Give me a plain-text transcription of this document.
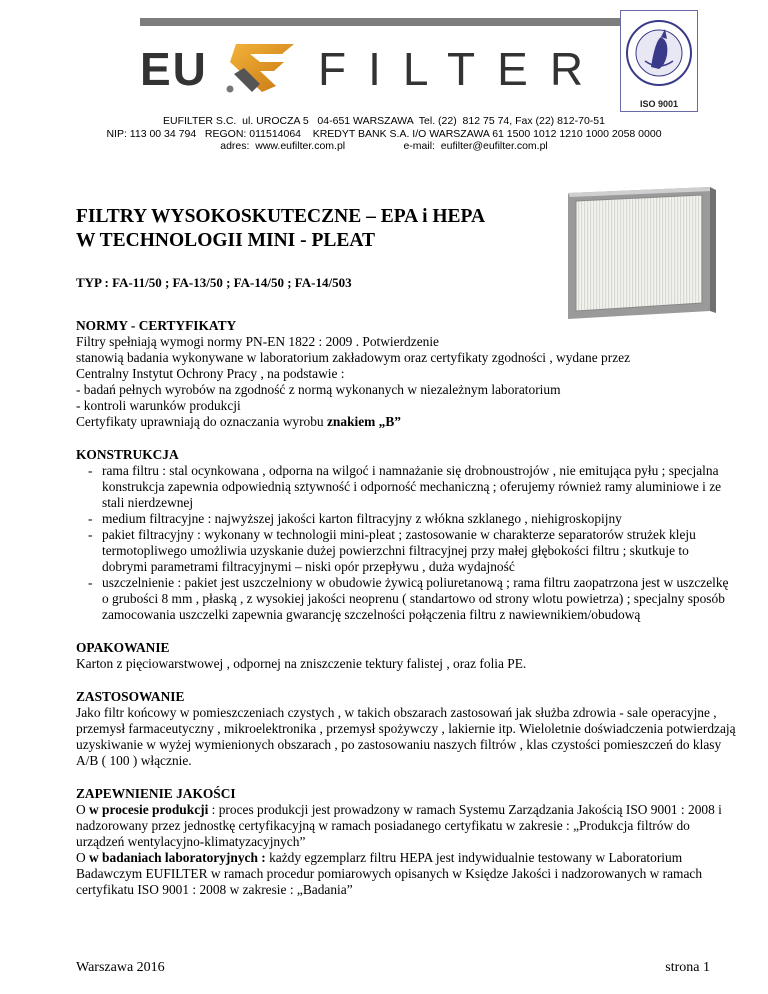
EU FILTER
ISO 9001
EUFILTER S.C.  ul. UROCZA 5   04-651 WARSZAWA  Tel. (22)  812 75 74, Fax (22) 812-70-51
NIP: 113 00 34 794   REGON: 011514064    KREDYT BANK S.A. I/O WARSZAWA 61 1500 1012 1210 1000 2058 0000
adres:  www.eufilter.com.pl                    e-mail:  eufilter@eufilter.com.pl
FILTRY WYSOKOSKUTECZNE – EPA i HEPA
W TECHNOLOGII MINI - PLEAT
TYP : FA-11/50 ; FA-13/50 ; FA-14/50 ; FA-14/503
NORMY - CERTYFIKATY

Filtry spełniają wymogi normy PN-EN 1822 : 2009 . Potwierdzenie

stanowią badania wykonywane w laboratorium zakładowym oraz certyfikaty zgodności , wydane przez

Centralny Instytut Ochrony Pracy , na podstawie :

- badań pełnych wyrobów na zgodność z normą wykonanych w niezależnym laboratorium

- kontroli warunków produkcji

Certyfikaty uprawniają do oznaczania wyrobu znakiem „B”

KONSTRUKCJA
- rama filtru : stal ocynkowana , odporna na wilgoć i namnażanie się drobnoustrojów , nie emitująca pyłu ; specjalna konstrukcja zapewnia odpowiednią sztywność i odporność mechaniczną ; oferujemy również ramy aluminiowe i ze stali nierdzewnej
- medium filtracyjne : najwyższej jakości karton filtracyjny z włókna szklanego , niehigroskopijny
- pakiet filtracyjny : wykonany w technologii mini-pleat ; zastosowanie w charakterze separatorów strużek kleju termotopliwego umożliwia uzyskanie dużej powierzchni filtracyjnej przy małej głębokości filtru ; skutkuje to dobrymi parametrami filtracyjnymi – niski opór przepływu , duża wydajność
- uszczelnienie : pakiet jest uszczelniony w obudowie żywicą poliuretanową ; rama filtru zaopatrzona jest w uszczelkę o grubości 8 mm , płaską , z wysokiej jakości neoprenu ( standartowo od strony wlotu powietrza) ; specjalny sposób zamocowania uszczelki zapewnia gwarancję szczelności połączenia filtru z nawiewnikiem/obudową
OPAKOWANIE

Karton z pięciowarstwowej , odpornej na zniszczenie tektury falistej , oraz folia PE.

ZASTOSOWANIE

Jako filtr końcowy w pomieszczeniach czystych , w takich obszarach zastosowań jak służba zdrowia - sale operacyjne , przemysł farmaceutyczny , mikroelektronika , przemysł spożywczy , lakiernie itp. Wieloletnie doświadczenia potwierdzają uzyskiwanie w wyżej wymienionych obszarach , po zastosowaniu naszych filtrów , klas czystości pomieszczeń do klasy A/B ( 100 ) włącznie.

ZAPEWNIENIE JAKOŚCI

O w procesie produkcji : proces produkcji jest prowadzony w ramach Systemu Zarządzania Jakością ISO 9001 : 2008 i nadzorowany przez jednostkę certyfikacyjną w ramach posiadanego certyfikatu w zakresie : „Produkcja filtrów do urządzeń wentylacyjno-klimatyzacyjnych”

O w badaniach laboratoryjnych : każdy egzemplarz filtru HEPA jest indywidualnie testowany w Laboratorium Badawczym EUFILTER w ramach procedur pomiarowych opisanych w Księdze Jakości i nadzorowanych w ramach certyfikatu ISO 9001 : 2008 w zakresie : „Badania”

Warszawa 2016	strona 1
